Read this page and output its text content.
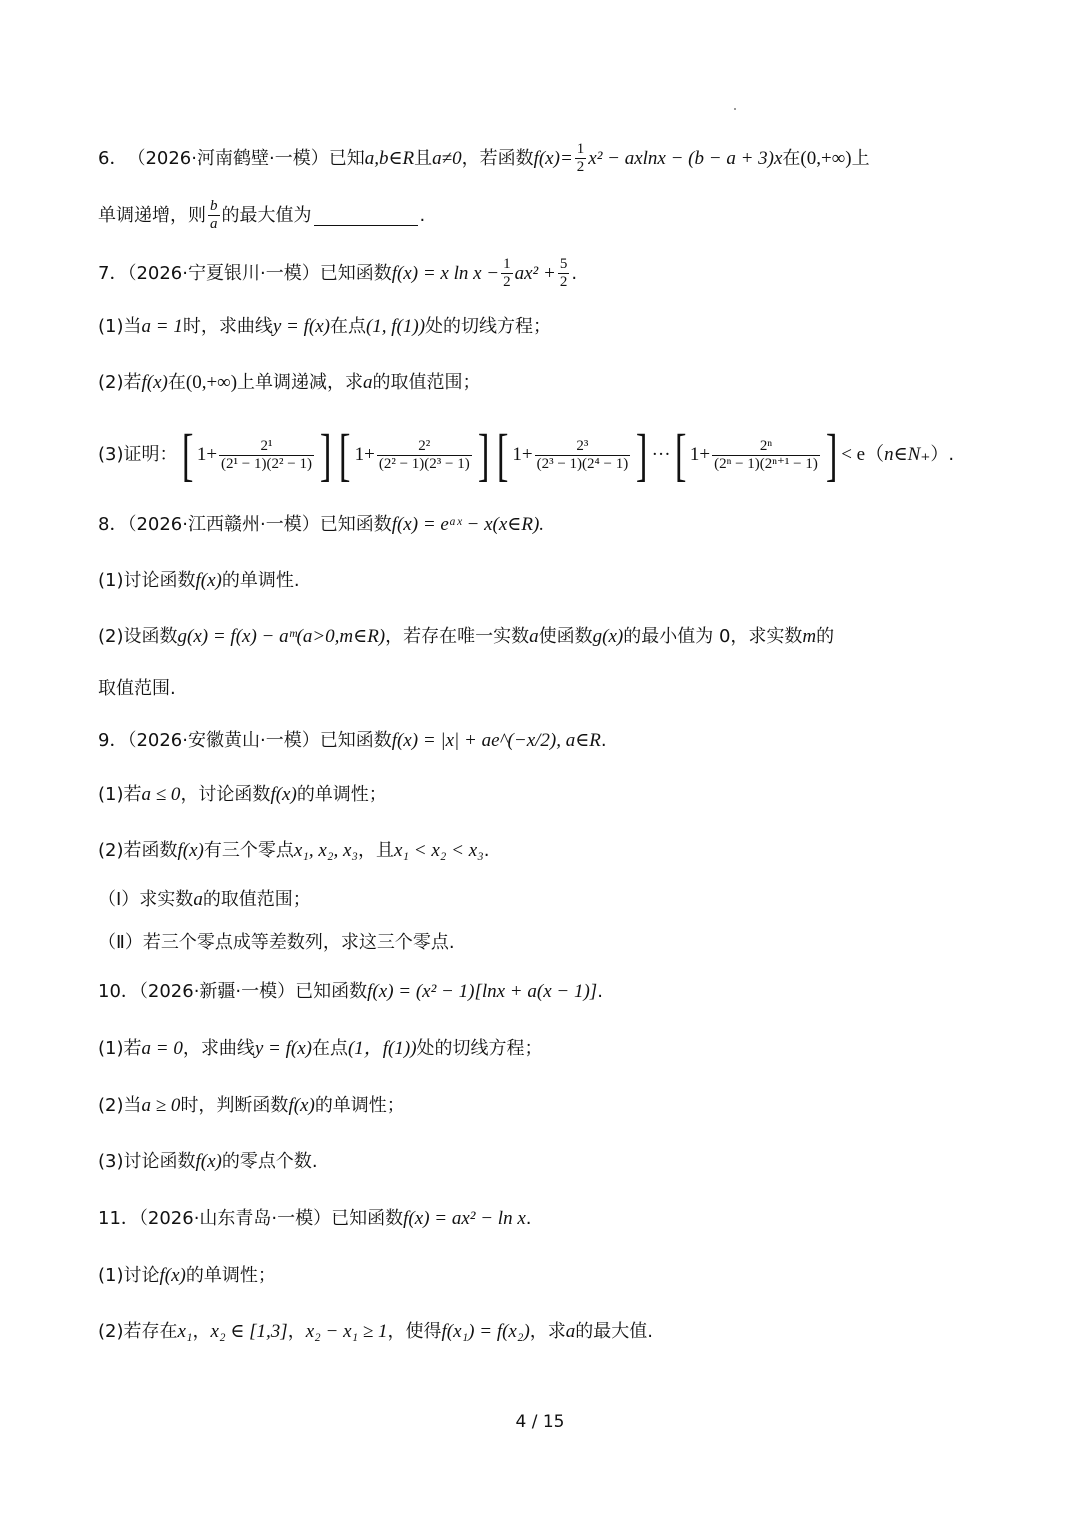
6． （2026·河南鹤壁·一模） 已知 a,b∈R 且 a≠0 ，若函数 $f(x)= \frac{1}{2} x^2 - axlnx - (b - a + 3)x$ 在 (0,+∞) 上
单调递增，则 $\frac{b}{a}$ 的最大值为	.
7．（2026·宁夏银川·一模）已知函数 f(x) = x $\ln x - \frac{1}{2} ax^2 + \frac{5}{2}$ .
(1)当 a = 1 时，求曲线 y = f(x) 在点 (1, f(1)) 处的切线方程；
(2)若 f(x) 在 (0,+∞) 上单调递减，求 a 的取值范围；
(3)证明： [ $1+ \frac{\text{2¹}}{\text{(2¹ − 1)(2² − 1)}}$ ] [ $1+ \frac{\text{2²}}{\text{(2² − 1)(2³ − 1)}}$ ] [ $1+ \frac{\text{2³}}{\text{(2³ − 1)(2⁴ − 1)}}$ ] ··· [ $1+ \frac{\text{2ⁿ}}{\text{(2ⁿ − 1)(2ⁿ⁺¹ − 1)}}$ ] < e（ n∈N₊ ）.
8．（2026·江西赣州·一模）已知函数 f(x) = eᵃˣ − x(x∈R).
(1)讨论函数 f(x) 的单调性.
(2)设函数 g(x) = f(x) − aᵐ(a>0,m∈R) ，若存在唯一实数 a 使函数 g(x) 的最小值为 0，求实数 m 的
取值范围.
9．（2026·安徽黄山·一模）已知函数 f(x) = |x| + ae^(−x/2), a∈R .
(1)若 a ≤ 0 ，讨论函数 f(x) 的单调性；
(2)若函数 f(x) 有三个零点 x₁, x₂, x₃ ，且 x₁ < x₂ < x₃ .
（Ⅰ）求实数 a 的取值范围；
（Ⅱ）若三个零点成等差数列，求这三个零点.
10．（2026·新疆·一模）已知函数 f(x) = (x² − 1)[lnx + a(x − 1)] .
(1)若 a = 0 ，求曲线 y = f(x) 在点 (1，f(1)) 处的切线方程；
(2)当 a ≥ 0 时，判断函数 f(x) 的单调性；
(3)讨论函数 f(x) 的零点个数.
11．（2026·山东青岛·一模）已知函数 f(x) = ax² − ln x .
(1)讨论 f(x) 的单调性；
(2)若存在 x₁ ， x₂ ∈ [1,3] ， x₂ − x₁ ≥ 1 ，使得 f(x₁) = f(x₂) ，求 a 的最大值.
4 / 15
